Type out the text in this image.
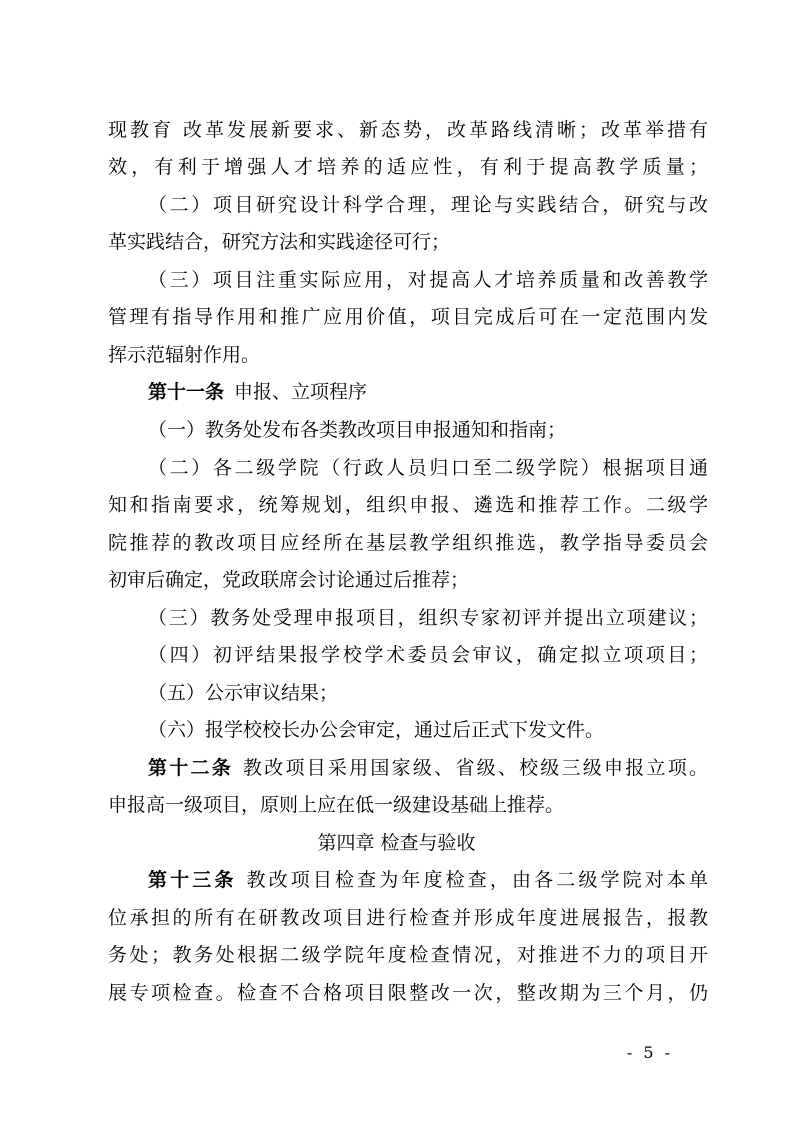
现教育 改革发展新要求、新态势，改革路线清晰；改革举措有
效，有利于增强人才培养的适应性，有利于提高教学质量；
（二）项目研究设计科学合理，理论与实践结合，研究与改
革实践结合，研究方法和实践途径可行；
（三）项目注重实际应用，对提高人才培养质量和改善教学
管理有指导作用和推广应用价值，项目完成后可在一定范围内发
挥示范辐射作用。
第十一条 申报、立项程序
（一）教务处发布各类教改项目申报通知和指南；
（二）各二级学院（行政人员归口至二级学院）根据项目通
知和指南要求，统筹规划，组织申报、遴选和推荐工作。二级学
院推荐的教改项目应经所在基层教学组织推选，教学指导委员会
初审后确定，党政联席会讨论通过后推荐；
（三）教务处受理申报项目，组织专家初评并提出立项建议；
（四）初评结果报学校学术委员会审议，确定拟立项项目；
（五）公示审议结果；
（六）报学校校长办公会审定，通过后正式下发文件。
第十二条 教改项目采用国家级、省级、校级三级申报立项。
申报高一级项目，原则上应在低一级建设基础上推荐。
第四章 检查与验收
第十三条 教改项目检查为年度检查，由各二级学院对本单
位承担的所有在研教改项目进行检查并形成年度进展报告，报教
务处；教务处根据二级学院年度检查情况，对推进不力的项目开
展专项检查。检查不合格项目限整改一次，整改期为三个月，仍
- 5 -
